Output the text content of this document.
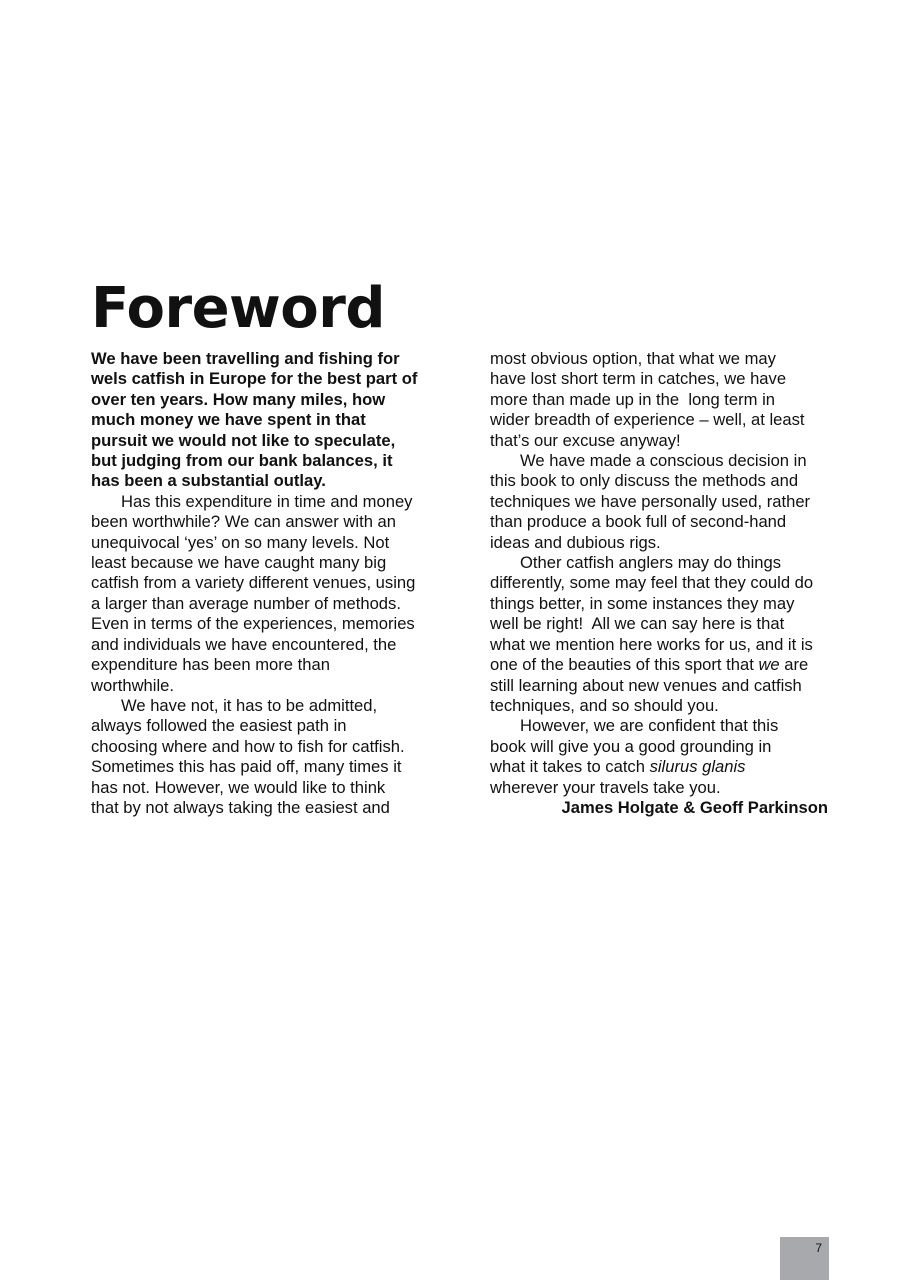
Foreword
We have been travelling and fishing for
wels catfish in Europe for the best part of
over ten years. How many miles, how
much money we have spent in that
pursuit we would not like to speculate,
but judging from our bank balances, it
has been a substantial outlay.
Has this expenditure in time and money
been worthwhile? We can answer with an
unequivocal ‘yes’ on so many levels. Not
least because we have caught many big
catfish from a variety different venues, using
a larger than average number of methods.
Even in terms of the experiences, memories
and individuals we have encountered, the
expenditure has been more than
worthwhile.
We have not, it has to be admitted,
always followed the easiest path in
choosing where and how to fish for catfish.
Sometimes this has paid off, many times it
has not. However, we would like to think
that by not always taking the easiest and
most obvious option, that what we may
have lost short term in catches, we have
more than made up in the  long term in
wider breadth of experience – well, at least
that’s our excuse anyway!
We have made a conscious decision in
this book to only discuss the methods and
techniques we have personally used, rather
than produce a book full of second-hand
ideas and dubious rigs.
Other catfish anglers may do things
differently, some may feel that they could do
things better, in some instances they may
well be right!  All we can say here is that
what we mention here works for us, and it is
one of the beauties of this sport that we are
still learning about new venues and catfish
techniques, and so should you.
However, we are confident that this
book will give you a good grounding in
what it takes to catch silurus glanis
wherever your travels take you.
James Holgate & Geoff Parkinson
7
